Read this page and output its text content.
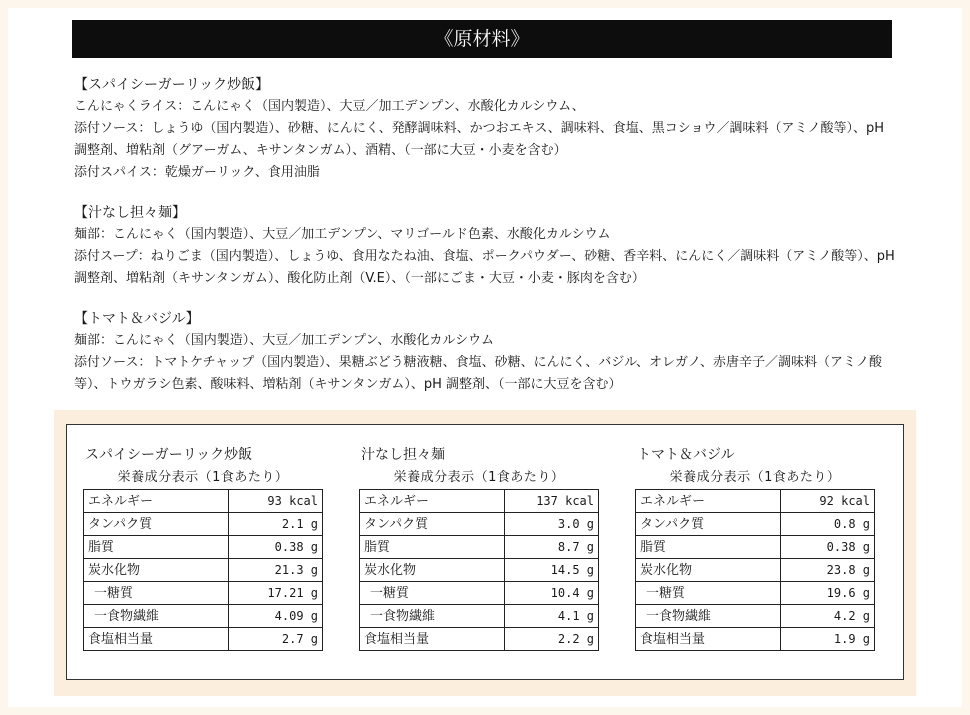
《原材料》
【スパイシーガーリック炒飯】
こんにゃくライス：こんにゃく（国内製造）、大豆／加工デンプン、水酸化カルシウム、
添付ソース：しょうゆ（国内製造）、砂糖、にんにく、発酵調味料、かつおエキス、調味料、食塩、黒コショウ／調味料（アミノ酸等）、pH 調整剤、増粘剤（グアーガム、キサンタンガム）、酒精、（一部に大豆・小麦を含む）
添付スパイス：乾燥ガーリック、食用油脂
【汁なし担々麺】
麺部：こんにゃく（国内製造）、大豆／加工デンプン、マリゴールド色素、水酸化カルシウム
添付スープ：ねりごま（国内製造）、しょうゆ、食用なたね油、食塩、ポークパウダー、砂糖、香辛料、にんにく／調味料（アミノ酸等）、pH 調整剤、増粘剤（キサンタンガム）、酸化防止剤（V.E）、（一部にごま・大豆・小麦・豚肉を含む）
【トマト＆バジル】
麺部：こんにゃく（国内製造）、大豆／加工デンプン、水酸化カルシウム
添付ソース：トマトケチャップ（国内製造）、果糖ぶどう糖液糖、食塩、砂糖、にんにく、バジル、オレガノ、赤唐辛子／調味料（アミノ酸等）、トウガラシ色素、酸味料、増粘剤（キサンタンガム）、pH 調整剤、（一部に大豆を含む）
スパイシーガーリック炒飯
栄養成分表示（1食あたり）
エネルギー	93 kcal
タンパク質	2.1 g
脂質	0.38 g
炭水化物	21.3 g
一糖質	17.21 g
一食物繊維	4.09 g
食塩相当量	2.7 g
汁なし担々麺
栄養成分表示（1食あたり）
エネルギー	137 kcal
タンパク質	3.0 g
脂質	8.7 g
炭水化物	14.5 g
一糖質	10.4 g
一食物繊維	4.1 g
食塩相当量	2.2 g
トマト＆バジル
栄養成分表示（1食あたり）
エネルギー	92 kcal
タンパク質	0.8 g
脂質	0.38 g
炭水化物	23.8 g
一糖質	19.6 g
一食物繊維	4.2 g
食塩相当量	1.9 g
